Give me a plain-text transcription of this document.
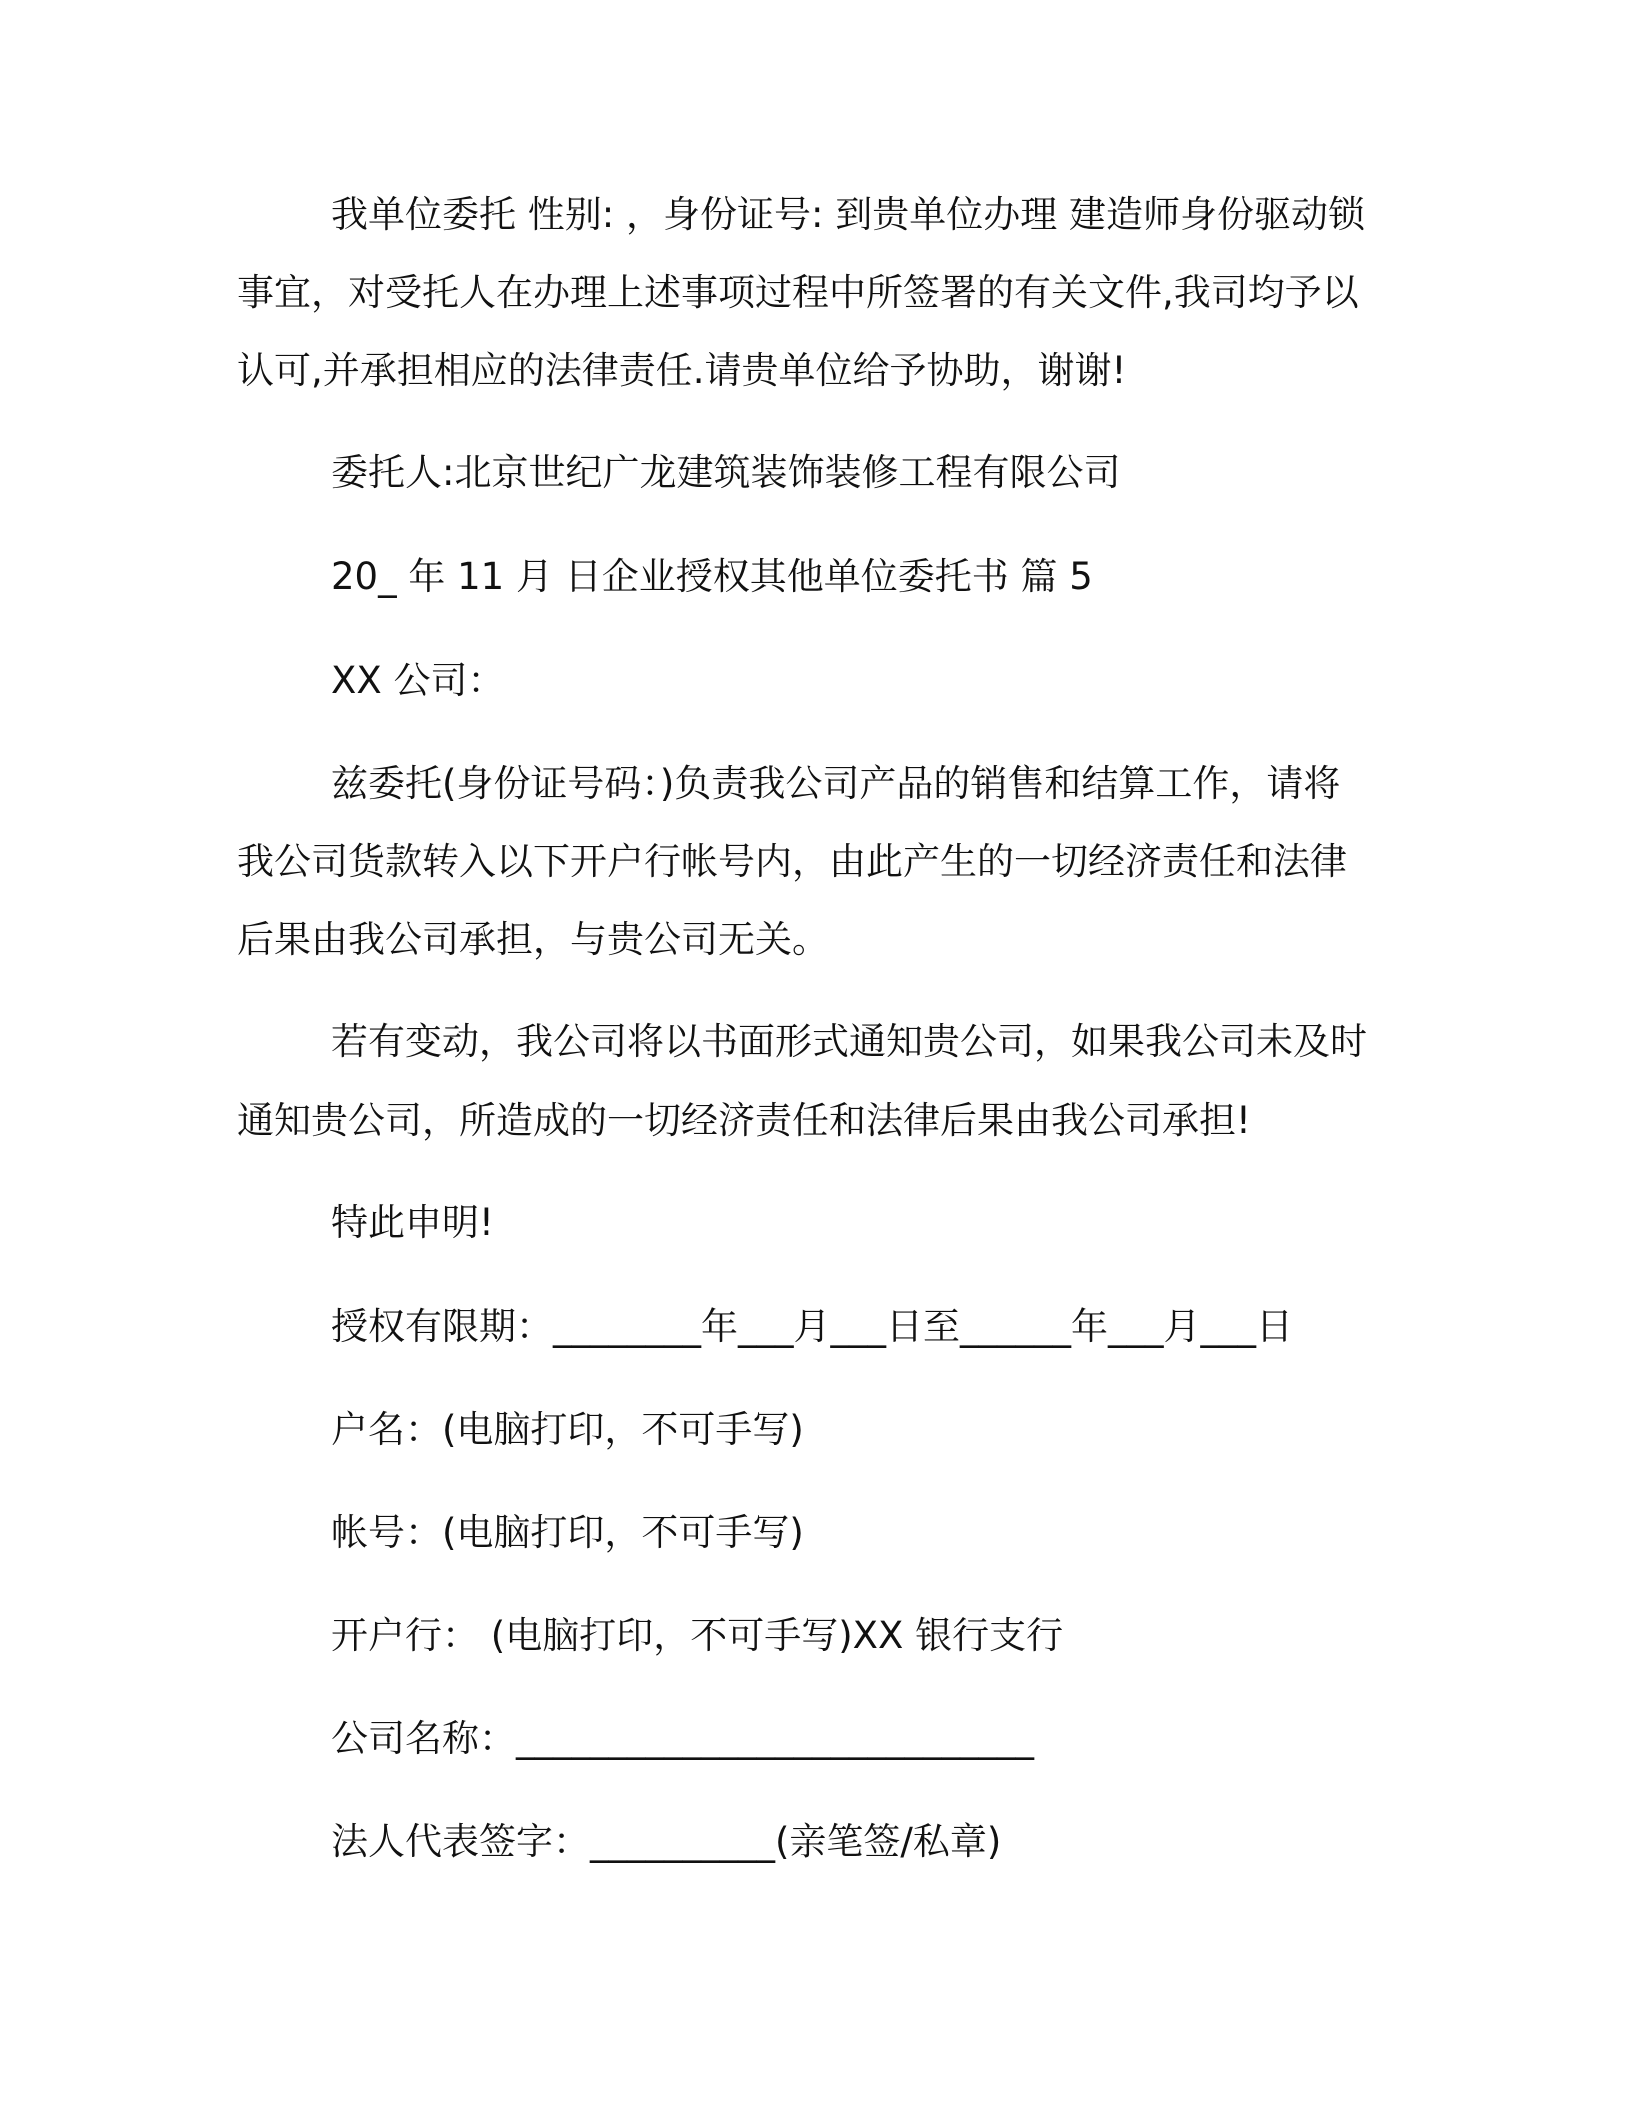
我单位委托 性别: ，身份证号: 到贵单位办理 建造师身份驱动锁
事宜，对受托人在办理上述事项过程中所签署的有关文件,我司均予以
认可,并承担相应的法律责任.请贵单位给予协助，谢谢!
委托人:北京世纪广龙建筑装饰装修工程有限公司
20_ 年 11 月 日企业授权其他单位委托书 篇 5
XX 公司：
兹委托(身份证号码：)负责我公司产品的销售和结算工作，请将
我公司货款转入以下开户行帐号内，由此产生的一切经济责任和法律
后果由我公司承担，与贵公司无关。
若有变动，我公司将以书面形式通知贵公司，如果我公司未及时
通知贵公司，所造成的一切经济责任和法律后果由我公司承担!
特此申明!
授权有限期：________年___月___日至______年___月___日
户名：(电脑打印，不可手写)
帐号：(电脑打印，不可手写)
开户行： (电脑打印，不可手写)XX 银行支行
公司名称：____________________________
法人代表签字：__________(亲笔签/私章)
